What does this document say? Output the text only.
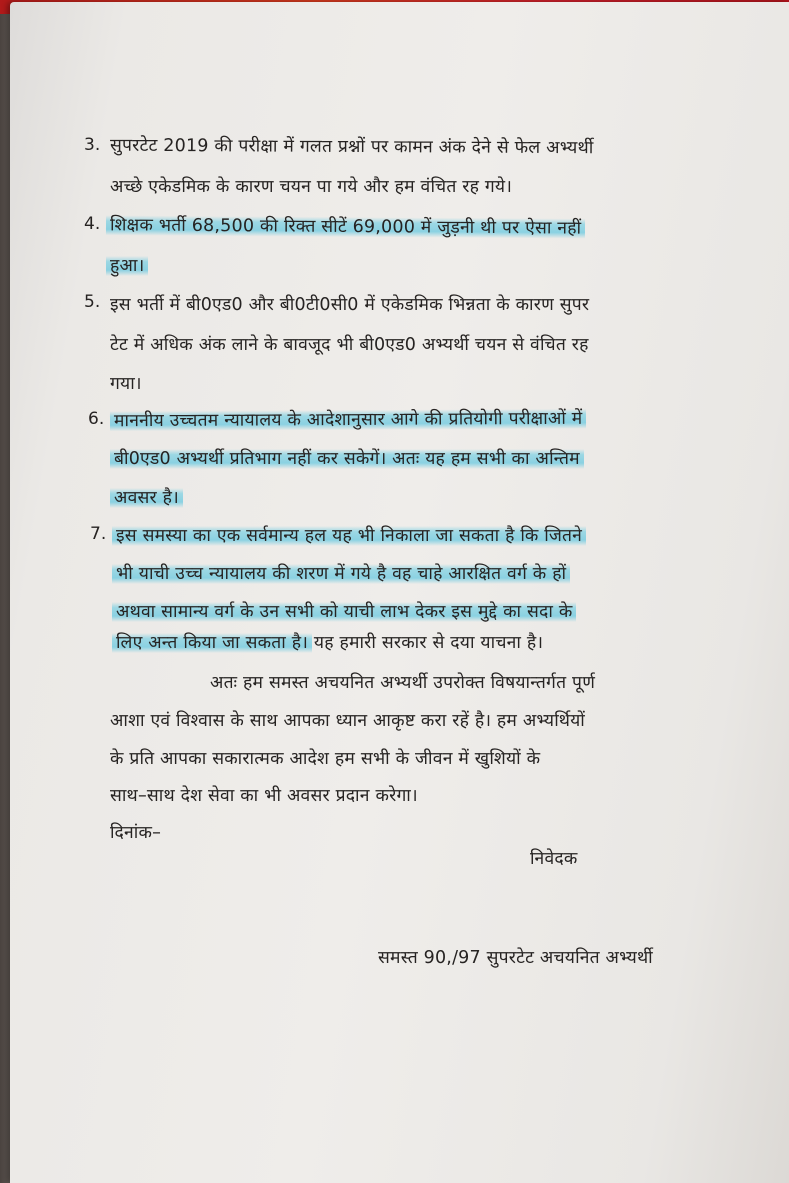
3. सुपरटेट 2019 की परीक्षा में गलत प्रश्नों पर कामन अंक देने से फेल अभ्यर्थी
अच्छे एकेडमिक के कारण चयन पा गये और हम वंचित रह गये।
4. शिक्षक भर्ती 68,500 की रिक्त सीटें 69,000 में जुड़नी थी पर ऐसा नहीं
हुआ।
5. इस भर्ती में बी0एड0 और बी0टी0सी0 में एकेडमिक भिन्नता के कारण सुपर
टेट में अधिक अंक लाने के बावजूद भी बी0एड0 अभ्यर्थी चयन से वंचित रह
गया।
6. माननीय उच्चतम न्यायालय के आदेशानुसार आगे की प्रतियोगी परीक्षाओं में
बी0एड0 अभ्यर्थी प्रतिभाग नहीं कर सकेगें। अतः यह हम सभी का अन्तिम
अवसर है।
7. इस समस्या का एक सर्वमान्य हल यह भी निकाला जा सकता है कि जितने
भी याची उच्च न्यायालय की शरण में गये है वह चाहे आरक्षित वर्ग के हों
अथवा सामान्य वर्ग के उन सभी को याची लाभ देकर इस मुद्दे का सदा के
लिए अन्त किया जा सकता है। यह हमारी सरकार से दया याचना है।
अतः हम समस्त अचयनित अभ्यर्थी उपरोक्त विषयान्तर्गत पूर्ण
आशा एवं विश्वास के साथ आपका ध्यान आकृष्ट करा रहें है। हम अभ्यर्थियों
के प्रति आपका सकारात्मक आदेश हम सभी के जीवन में खुशियों के
साथ–साथ देश सेवा का भी अवसर प्रदान करेगा।
दिनांक–
निवेदक
समस्त 90,/97 सुपरटेट अचयनित अभ्यर्थी
